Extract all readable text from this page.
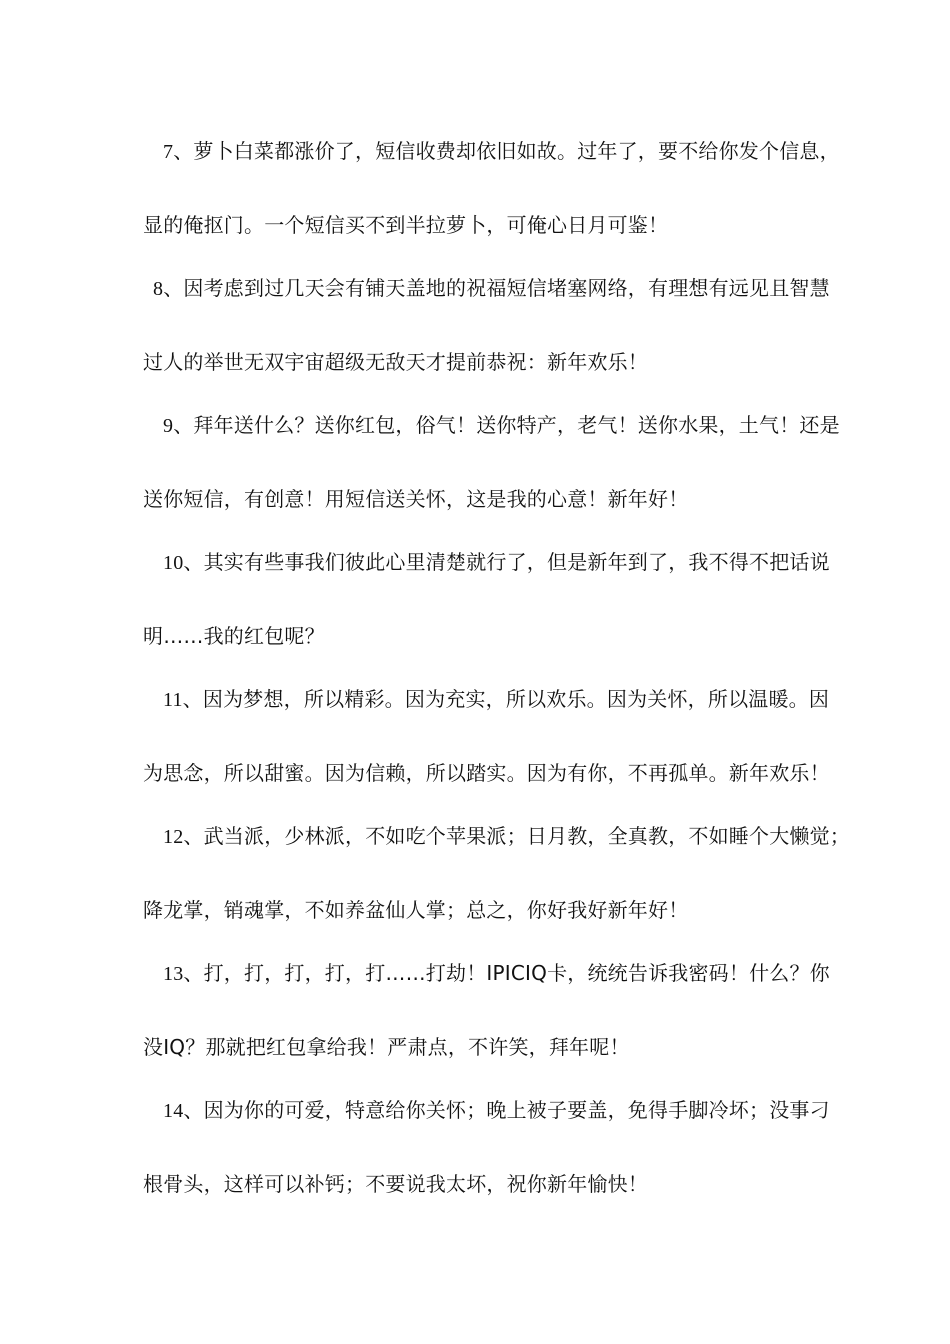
7、萝卜白菜都涨价了，短信收费却依旧如故。过年了，要不给你发个信息，
显的俺抠门。一个短信买不到半拉萝卜，可俺心日月可鉴！
8、因考虑到过几天会有铺天盖地的祝福短信堵塞网络，有理想有远见且智慧
过人的举世无双宇宙超级无敌天才提前恭祝：新年欢乐！
9、拜年送什么？送你红包，俗气！送你特产，老气！送你水果，土气！还是
送你短信，有创意！用短信送关怀，这是我的心意！新年好！
10、其实有些事我们彼此心里清楚就行了，但是新年到了，我不得不把话说
明……我的红包呢？
11、因为梦想，所以精彩。因为充实，所以欢乐。因为关怀，所以温暖。因
为思念，所以甜蜜。因为信赖，所以踏实。因为有你，不再孤单。新年欢乐！
12、武当派，少林派，不如吃个苹果派；日月教，全真教，不如睡个大懒觉；
降龙掌，销魂掌，不如养盆仙人掌；总之，你好我好新年好！
13、打，打，打，打，打……打劫！IPICIQ卡，统统告诉我密码！什么？你
没IQ？那就把红包拿给我！严肃点，不许笑，拜年呢！
14、因为你的可爱，特意给你关怀；晚上被子要盖，免得手脚冷坏；没事刁
根骨头，这样可以补钙；不要说我太坏，祝你新年愉快！
